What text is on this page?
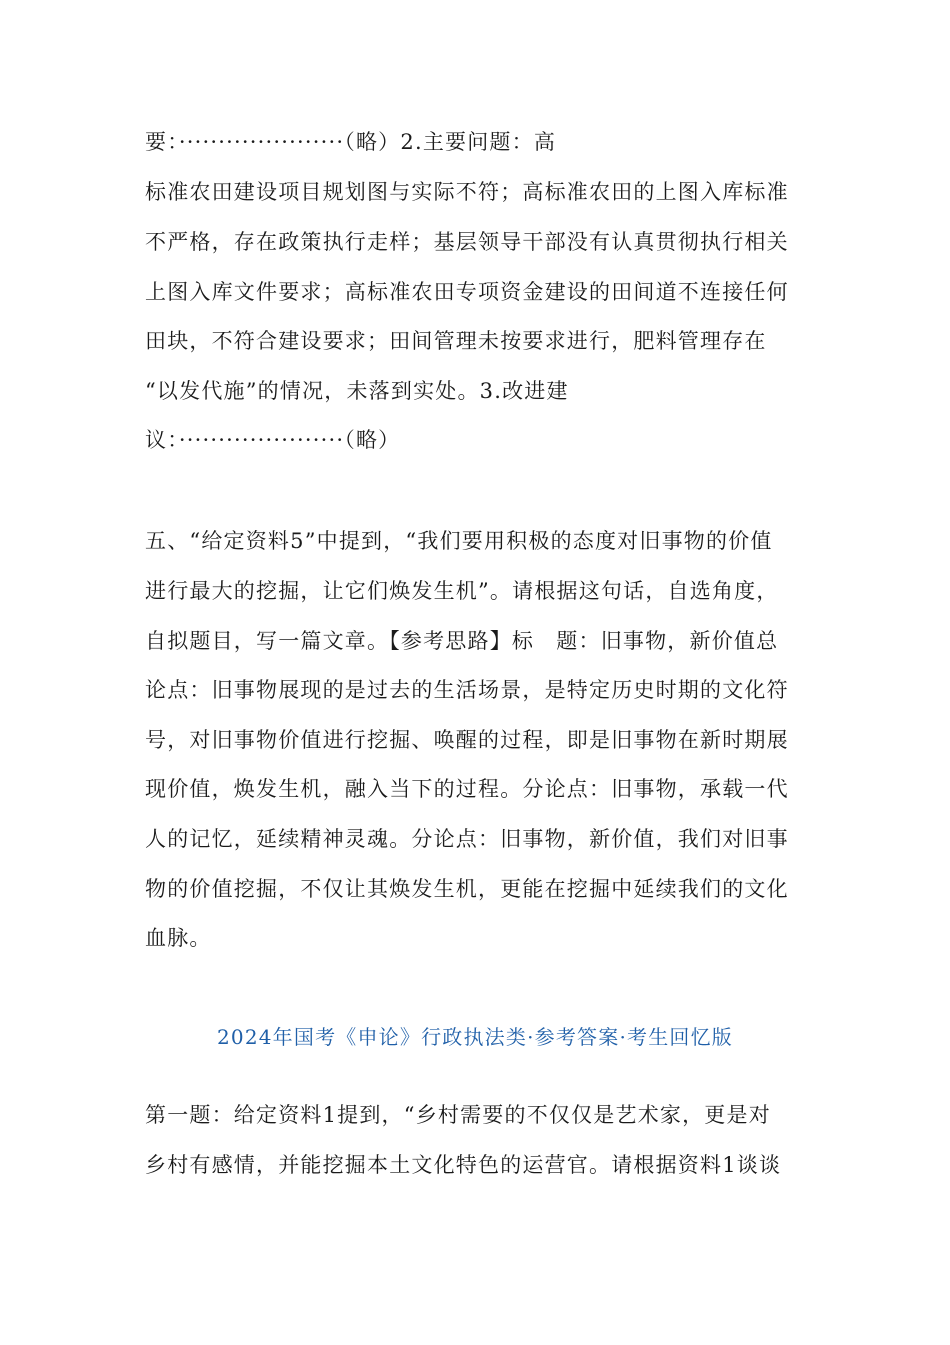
要：·····················（略）2.主要问题：高
标准农田建设项目规划图与实际不符；高标准农田的上图入库标准
不严格，存在政策执行走样；基层领导干部没有认真贯彻执行相关
上图入库文件要求；高标准农田专项资金建设的田间道不连接任何
田块，不符合建设要求；田间管理未按要求进行，肥料管理存在
“以发代施”的情况，未落到实处。3.改进建
议：·····················（略）
五、“给定资料5”中提到，“我们要用积极的态度对旧事物的价值
进行最大的挖掘，让它们焕发生机”。请根据这句话，自选角度，
自拟题目，写一篇文章。【参考思路】标　题：旧事物，新价值总
论点：旧事物展现的是过去的生活场景，是特定历史时期的文化符
号，对旧事物价值进行挖掘、唤醒的过程，即是旧事物在新时期展
现价值，焕发生机，融入当下的过程。分论点：旧事物，承载一代
人的记忆，延续精神灵魂。分论点：旧事物，新价值，我们对旧事
物的价值挖掘，不仅让其焕发生机，更能在挖掘中延续我们的文化
血脉。
2024年国考《申论》行政执法类·参考答案·考生回忆版
第一题：给定资料1提到，“乡村需要的不仅仅是艺术家，更是对
乡村有感情，并能挖掘本土文化特色的运营官。请根据资料1谈谈
